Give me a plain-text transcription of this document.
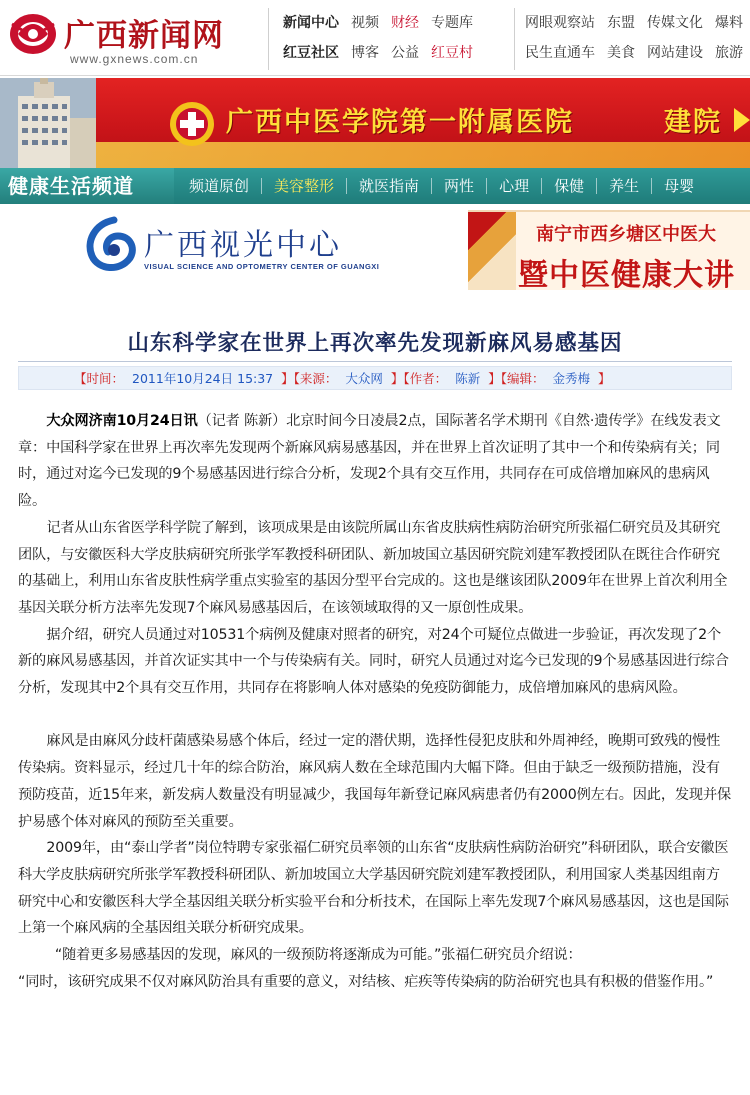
广西新闻网
www.gxnews.com.cn
新闻中心 视频 财经 专题库
红豆社区 博客 公益 红豆村
网眼观察站 东盟 传媒文化 爆料
民生直通车 美食 网站建设 旅游
广西中医学院第一附属医院	建院
健康生活频道	频道原创	美容整形	就医指南	两性	心理	保健	养生	母婴
广西视光中心
VISUAL SCIENCE AND OPTOMETRY CENTER OF GUANGXI
南宁市西乡塘区中医大
暨中医健康大讲
山东科学家在世界上再次率先发现新麻风易感基因
【时间： 2011年10月24日 15:37 】【来源： 大众网 】【作者： 陈新 】【编辑： 金秀梅 】

大众网济南10月24日讯（记者 陈新）北京时间今日凌晨2点，国际著名学术期刊《自然·遗传学》在线发表文章：中国科学家在世界上再次率先发现两个新麻风病易感基因，并在世界上首次证明了其中一个和传染病有关；同时，通过对迄今已发现的9个易感基因进行综合分析，发现2个具有交互作用，共同存在可成倍增加麻风的患病风险。

记者从山东省医学科学院了解到，该项成果是由该院所属山东省皮肤病性病防治研究所张福仁研究员及其研究团队，与安徽医科大学皮肤病研究所张学军教授科研团队、新加坡国立基因研究院刘建军教授团队在既往合作研究的基础上，利用山东省皮肤性病学重点实验室的基因分型平台完成的。这也是继该团队2009年在世界上首次利用全基因关联分析方法率先发现7个麻风易感基因后，在该领域取得的又一原创性成果。

据介绍，研究人员通过对10531个病例及健康对照者的研究，对24个可疑位点做进一步验证，再次发现了2个新的麻风易感基因，并首次证实其中一个与传染病有关。同时，研究人员通过对迄今已发现的9个易感基因进行综合分析，发现其中2个具有交互作用，共同存在将影响人体对感染的免疫防御能力，成倍增加麻风的患病风险。

麻风是由麻风分歧杆菌感染易感个体后，经过一定的潜伏期，选择性侵犯皮肤和外周神经，晚期可致残的慢性传染病。资料显示，经过几十年的综合防治，麻风病人数在全球范围内大幅下降。但由于缺乏一级预防措施，没有预防疫苗，近15年来，新发病人数量没有明显减少，我国每年新登记麻风病患者仍有2000例左右。因此，发现并保护易感个体对麻风的预防至关重要。

2009年，由“泰山学者”岗位特聘专家张福仁研究员率领的山东省“皮肤病性病防治研究”科研团队，联合安徽医科大学皮肤病研究所张学军教授科研团队、新加坡国立大学基因研究院刘建军教授团队，利用国家人类基因组南方研究中心和安徽医科大学全基因组关联分析实验平台和分析技术，在国际上率先发现7个麻风易感基因，这也是国际上第一个麻风病的全基因组关联分析研究成果。

“随着更多易感基因的发现，麻风的一级预防将逐渐成为可能。”张福仁研究员介绍说：

“同时，该研究成果不仅对麻风防治具有重要的意义，对结核、疟疾等传染病的防治研究也具有积极的借鉴作用。”
